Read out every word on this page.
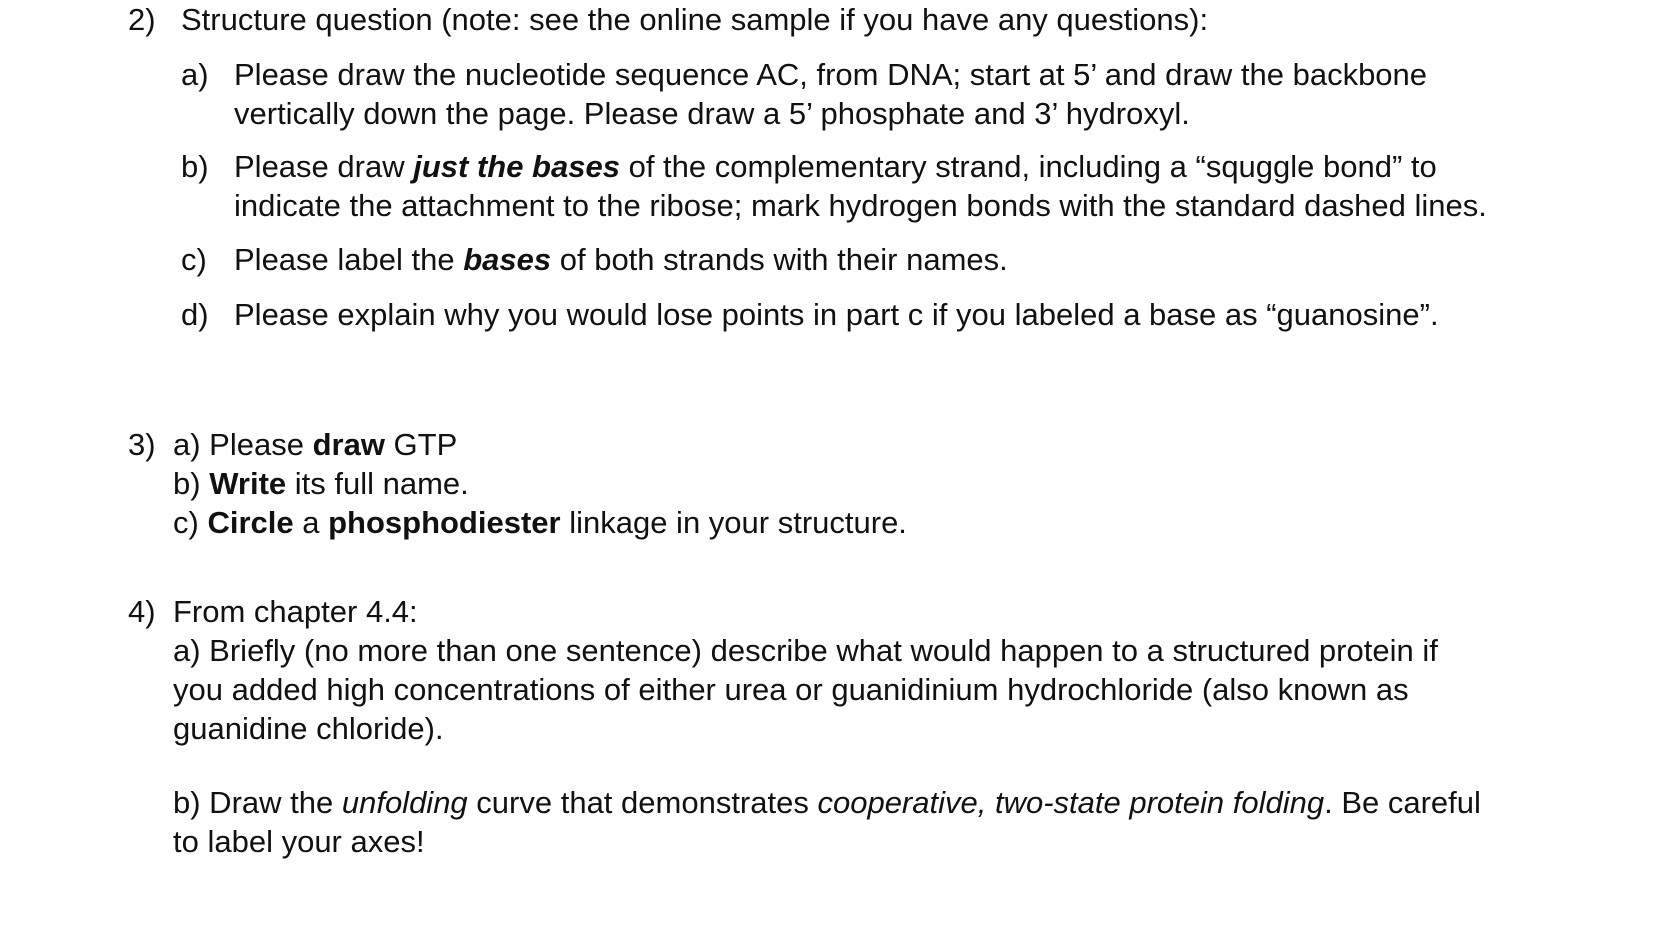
2) Structure question (note: see the online sample if you have any questions):
a) Please draw the nucleotide sequence AC, from DNA; start at 5’ and draw the backbone
vertically down the page. Please draw a 5’ phosphate and 3’ hydroxyl.
b) Please draw just the bases of the complementary strand, including a “squggle bond” to
indicate the attachment to the ribose; mark hydrogen bonds with the standard dashed lines.
c) Please label the bases of both strands with their names.
d) Please explain why you would lose points in part c if you labeled a base as “guanosine”.
3) a) Please draw GTP
b) Write its full name.
c) Circle a phosphodiester linkage in your structure.
4) From chapter 4.4:
a) Briefly (no more than one sentence) describe what would happen to a structured protein if
you added high concentrations of either urea or guanidinium hydrochloride (also known as
guanidine chloride).
b) Draw the unfolding curve that demonstrates cooperative, two-state protein folding. Be careful
to label your axes!
